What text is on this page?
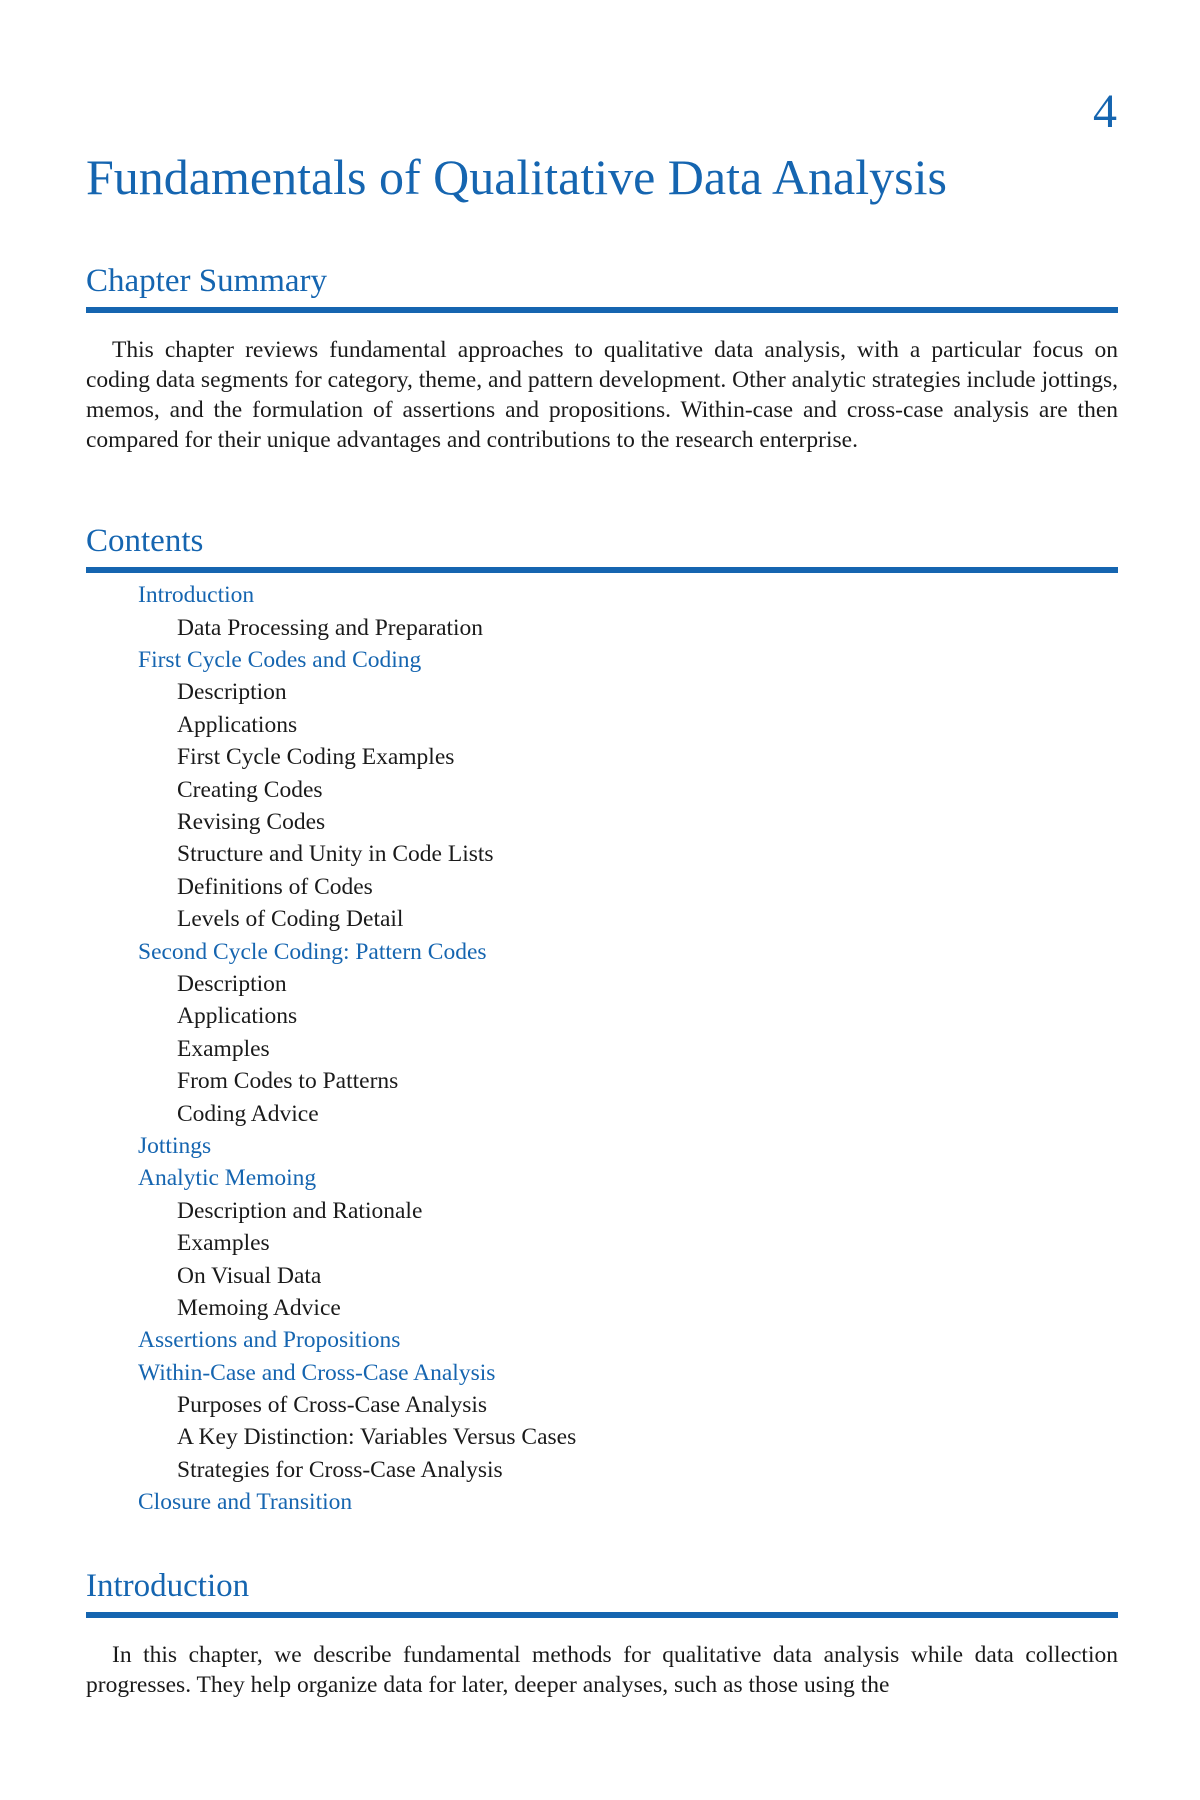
4
Fundamentals of Qualitative Data Analysis
Chapter Summary

This chapter reviews fundamental approaches to qualitative data analysis, with a particular focus on coding data segments for category, theme, and pattern development. Other analytic strategies include jottings, memos, and the formulation of assertions and propositions. Within-case and cross-case analysis are then compared for their unique advantages and contributions to the research enterprise.

Contents
Introduction
Data Processing and Preparation
First Cycle Codes and Coding
Description
Applications
First Cycle Coding Examples
Creating Codes
Revising Codes
Structure and Unity in Code Lists
Definitions of Codes
Levels of Coding Detail
Second Cycle Coding: Pattern Codes
Description
Applications
Examples
From Codes to Patterns
Coding Advice
Jottings
Analytic Memoing
Description and Rationale
Examples
On Visual Data
Memoing Advice
Assertions and Propositions
Within-Case and Cross-Case Analysis
Purposes of Cross-Case Analysis
A Key Distinction: Variables Versus Cases
Strategies for Cross-Case Analysis
Closure and Transition
Introduction

In this chapter, we describe fundamental methods for qualitative data analysis while data collection progresses. They help organize data for later, deeper analyses, such as those using the
